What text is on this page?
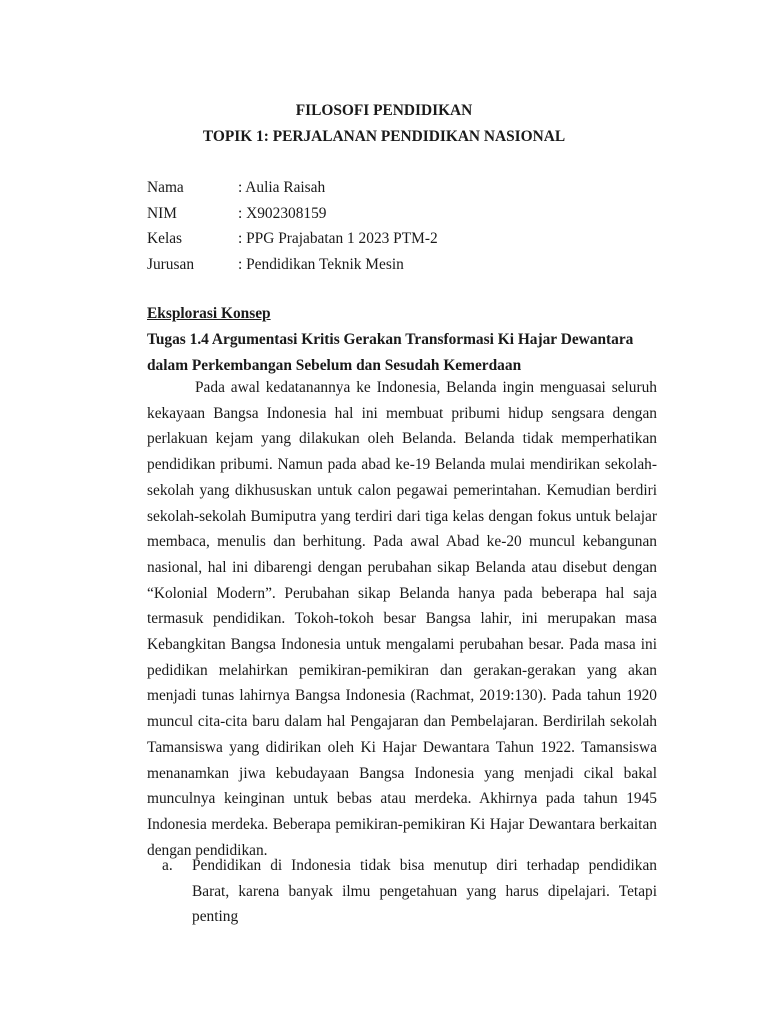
FILOSOFI PENDIDIKAN
TOPIK 1: PERJALANAN PENDIDIKAN NASIONAL
Nama	: Aulia Raisah
NIM	: X902308159
Kelas	: PPG Prajabatan 1 2023 PTM-2
Jurusan	: Pendidikan Teknik Mesin
Eksplorasi Konsep
Tugas 1.4 Argumentasi Kritis Gerakan Transformasi Ki Hajar Dewantara dalam Perkembangan Sebelum dan Sesudah Kemerdaan

Pada awal kedatanannya ke Indonesia, Belanda ingin menguasai seluruh kekayaan Bangsa Indonesia hal ini membuat pribumi hidup sengsara dengan perlakuan kejam yang dilakukan oleh Belanda. Belanda tidak memperhatikan pendidikan pribumi. Namun pada abad ke-19 Belanda mulai mendirikan sekolah-sekolah yang dikhususkan untuk calon pegawai pemerintahan. Kemudian berdiri sekolah-sekolah Bumiputra yang terdiri dari tiga kelas dengan fokus untuk belajar membaca, menulis dan berhitung. Pada awal Abad ke-20 muncul kebangunan nasional, hal ini dibarengi dengan perubahan sikap Belanda atau disebut dengan “Kolonial Modern”. Perubahan sikap Belanda hanya pada beberapa hal saja termasuk pendidikan. Tokoh-tokoh besar Bangsa lahir, ini merupakan masa Kebangkitan Bangsa Indonesia untuk mengalami perubahan besar. Pada masa ini pedidikan melahirkan pemikiran-pemikiran dan gerakan-gerakan yang akan menjadi tunas lahirnya Bangsa Indonesia (Rachmat, 2019:130). Pada tahun 1920 muncul cita-cita baru dalam hal Pengajaran dan Pembelajaran. Berdirilah sekolah Tamansiswa yang didirikan oleh Ki Hajar Dewantara Tahun 1922. Tamansiswa menanamkan jiwa kebudayaan Bangsa Indonesia yang menjadi cikal bakal munculnya keinginan untuk bebas atau merdeka. Akhirnya pada tahun 1945 Indonesia merdeka. Beberapa pemikiran-pemikiran Ki Hajar Dewantara berkaitan dengan pendidikan.

a.	Pendidikan di Indonesia tidak bisa menutup diri terhadap pendidikan Barat, karena banyak ilmu pengetahuan yang harus dipelajari. Tetapi penting
